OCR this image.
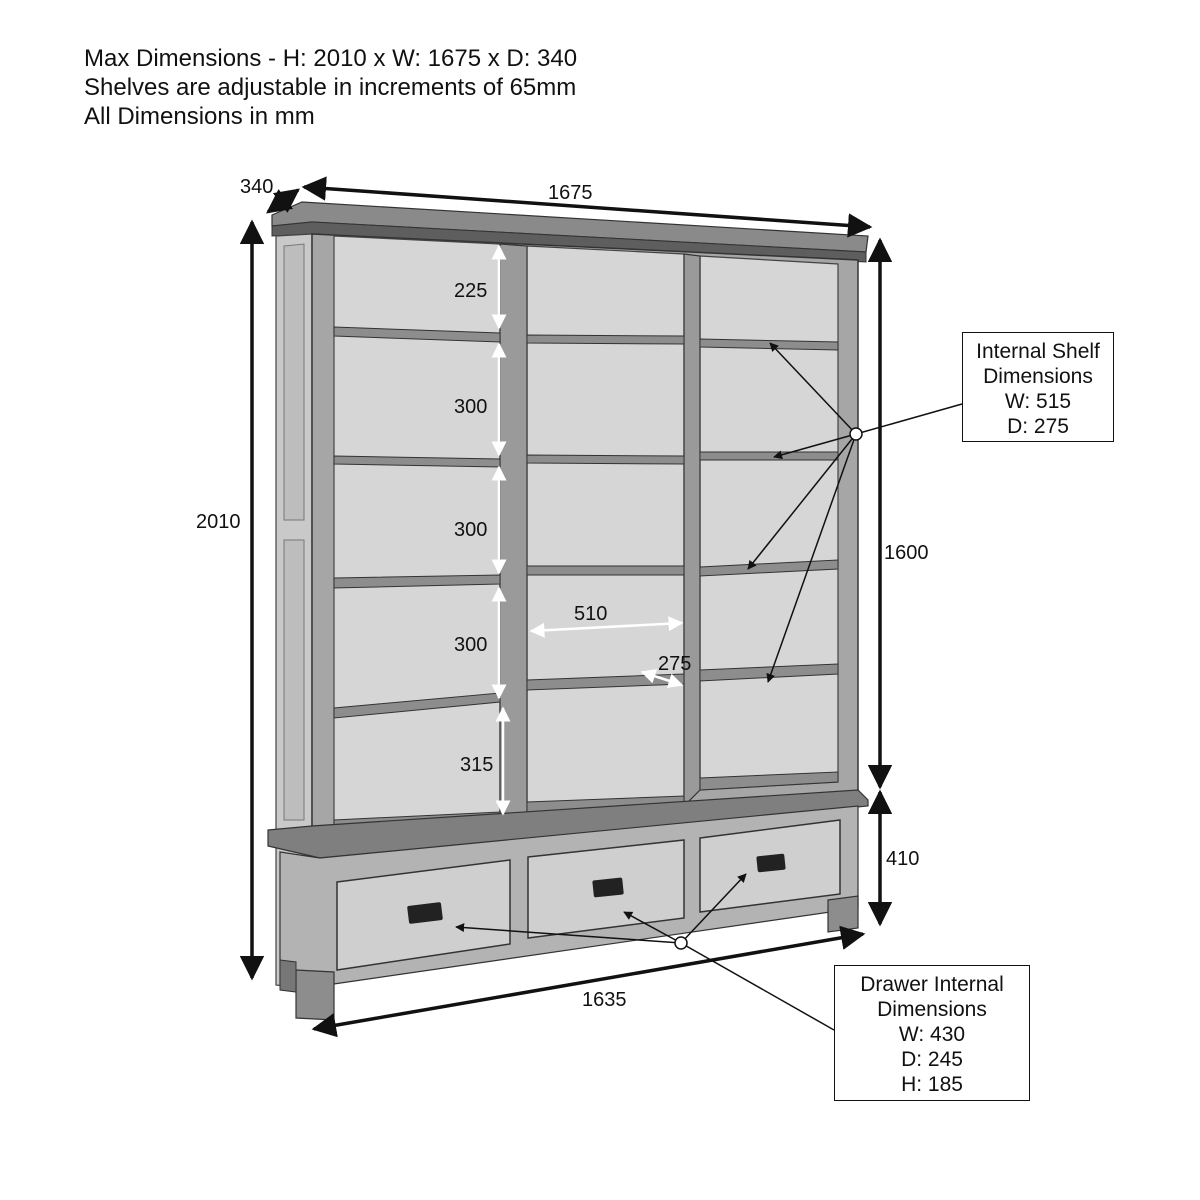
Max Dimensions - H: 2010 x W: 1675 x D: 340
Shelves are adjustable in increments of 65mm
All Dimensions in mm
340	1675
2010
1600
410
1635
225
300
300
300
315
510
275
Internal Shelf
Dimensions
W: 515
D: 275
Drawer Internal
Dimensions
W: 430
D: 245
H: 185
